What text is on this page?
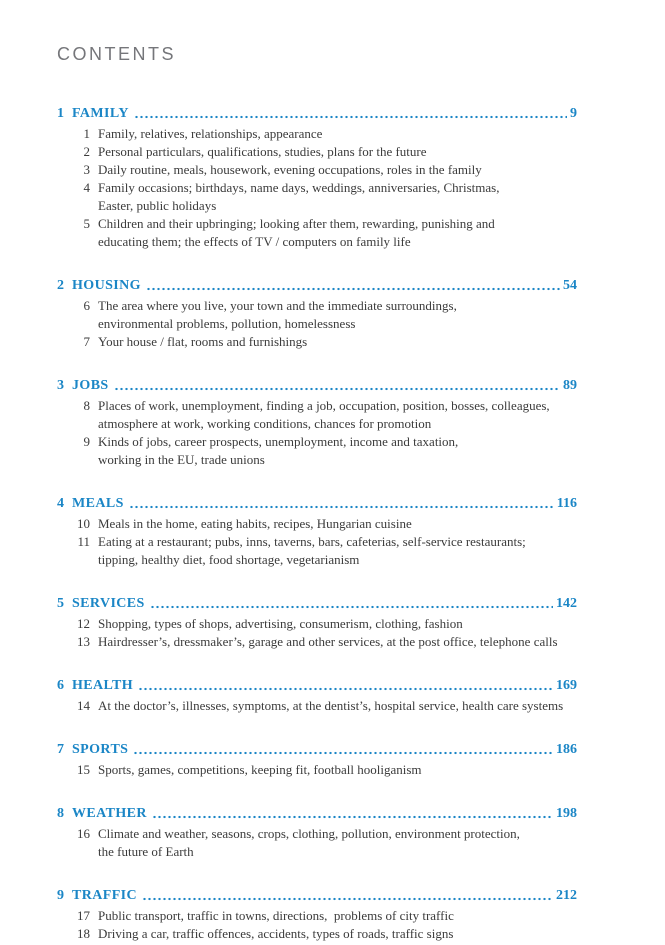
CONTENTS
1 FAMILY	9
1 Family, relatives, relationships, appearance
2 Personal particulars, qualifications, studies, plans for the future
3 Daily routine, meals, housework, evening occupations, roles in the family
4 Family occasions; birthdays, name days, weddings, anniversaries, Christmas,
Easter, public holidays
5 Children and their upbringing; looking after them, rewarding, punishing and
educating them; the effects of TV / computers on family life
2 HOUSING	54
6 The area where you live, your town and the immediate surroundings,
environmental problems, pollution, homelessness
7 Your house / flat, rooms and furnishings
3 JOBS	89
8 Places of work, unemployment, finding a job, occupation, position, bosses, colleagues,
atmosphere at work, working conditions, chances for promotion
9 Kinds of jobs, career prospects, unemployment, income and taxation,
working in the EU, trade unions
4 MEALS	116
10 Meals in the home, eating habits, recipes, Hungarian cuisine
11 Eating at a restaurant; pubs, inns, taverns, bars, cafeterias, self-service restaurants;
tipping, healthy diet, food shortage, vegetarianism
5 SERVICES	142
12 Shopping, types of shops, advertising, consumerism, clothing, fashion
13 Hairdresser’s, dressmaker’s, garage and other services, at the post office, telephone calls
6 HEALTH	169
14 At the doctor’s, illnesses, symptoms, at the dentist’s, hospital service, health care systems
7 SPORTS	186
15 Sports, games, competitions, keeping fit, football hooliganism
8 WEATHER	198
16 Climate and weather, seasons, crops, clothing, pollution, environment protection,
the future of Earth
9 TRAFFIC	212
17 Public transport, traffic in towns, directions,  problems of city traffic
18 Driving a car, traffic offences, accidents, types of roads, traffic signs
